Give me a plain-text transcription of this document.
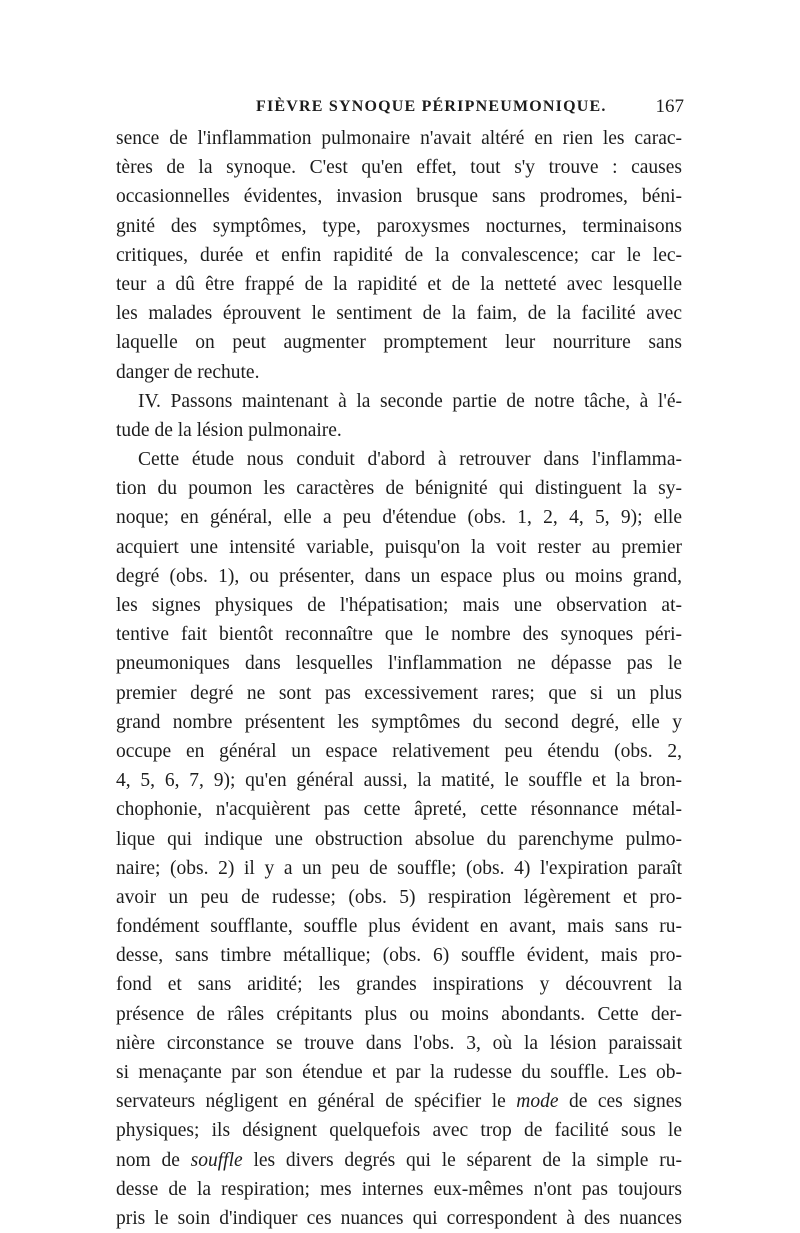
FIÈVRE SYNOQUE PÉRIPNEUMONIQUE.	167
sence de l'inflammation pulmonaire n'avait altéré en rien les carac-
tères de la synoque. C'est qu'en effet, tout s'y trouve : causes
occasionnelles évidentes, invasion brusque sans prodromes, béni-
gnité des symptômes, type, paroxysmes nocturnes, terminaisons
critiques, durée et enfin rapidité de la convalescence; car le lec-
teur a dû être frappé de la rapidité et de la netteté avec lesquelle
les malades éprouvent le sentiment de la faim, de la facilité avec
laquelle on peut augmenter promptement leur nourriture sans
danger de rechute.
IV. Passons maintenant à la seconde partie de notre tâche, à l'é-
tude de la lésion pulmonaire.
Cette étude nous conduit d'abord à retrouver dans l'inflamma-
tion du poumon les caractères de bénignité qui distinguent la sy-
noque; en général, elle a peu d'étendue (obs. 1, 2, 4, 5, 9); elle
acquiert une intensité variable, puisqu'on la voit rester au premier
degré (obs. 1), ou présenter, dans un espace plus ou moins grand,
les signes physiques de l'hépatisation; mais une observation at-
tentive fait bientôt reconnaître que le nombre des synoques péri-
pneumoniques dans lesquelles l'inflammation ne dépasse pas le
premier degré ne sont pas excessivement rares; que si un plus
grand nombre présentent les symptômes du second degré, elle y
occupe en général un espace relativement peu étendu (obs. 2,
4, 5, 6, 7, 9); qu'en général aussi, la matité, le souffle et la bron-
chophonie, n'acquièrent pas cette âpreté, cette résonnance métal-
lique qui indique une obstruction absolue du parenchyme pulmo-
naire; (obs. 2) il y a un peu de souffle; (obs. 4) l'expiration paraît
avoir un peu de rudesse; (obs. 5) respiration légèrement et pro-
fondément soufflante, souffle plus évident en avant, mais sans ru-
desse, sans timbre métallique; (obs. 6) souffle évident, mais pro-
fond et sans aridité; les grandes inspirations y découvrent la
présence de râles crépitants plus ou moins abondants. Cette der-
nière circonstance se trouve dans l'obs. 3, où la lésion paraissait
si menaçante par son étendue et par la rudesse du souffle. Les ob-
servateurs négligent en général de spécifier le mode de ces signes
physiques; ils désignent quelquefois avec trop de facilité sous le
nom de souffle les divers degrés qui le séparent de la simple ru-
desse de la respiration; mes internes eux-mêmes n'ont pas toujours
pris le soin d'indiquer ces nuances qui correspondent à des nuances
